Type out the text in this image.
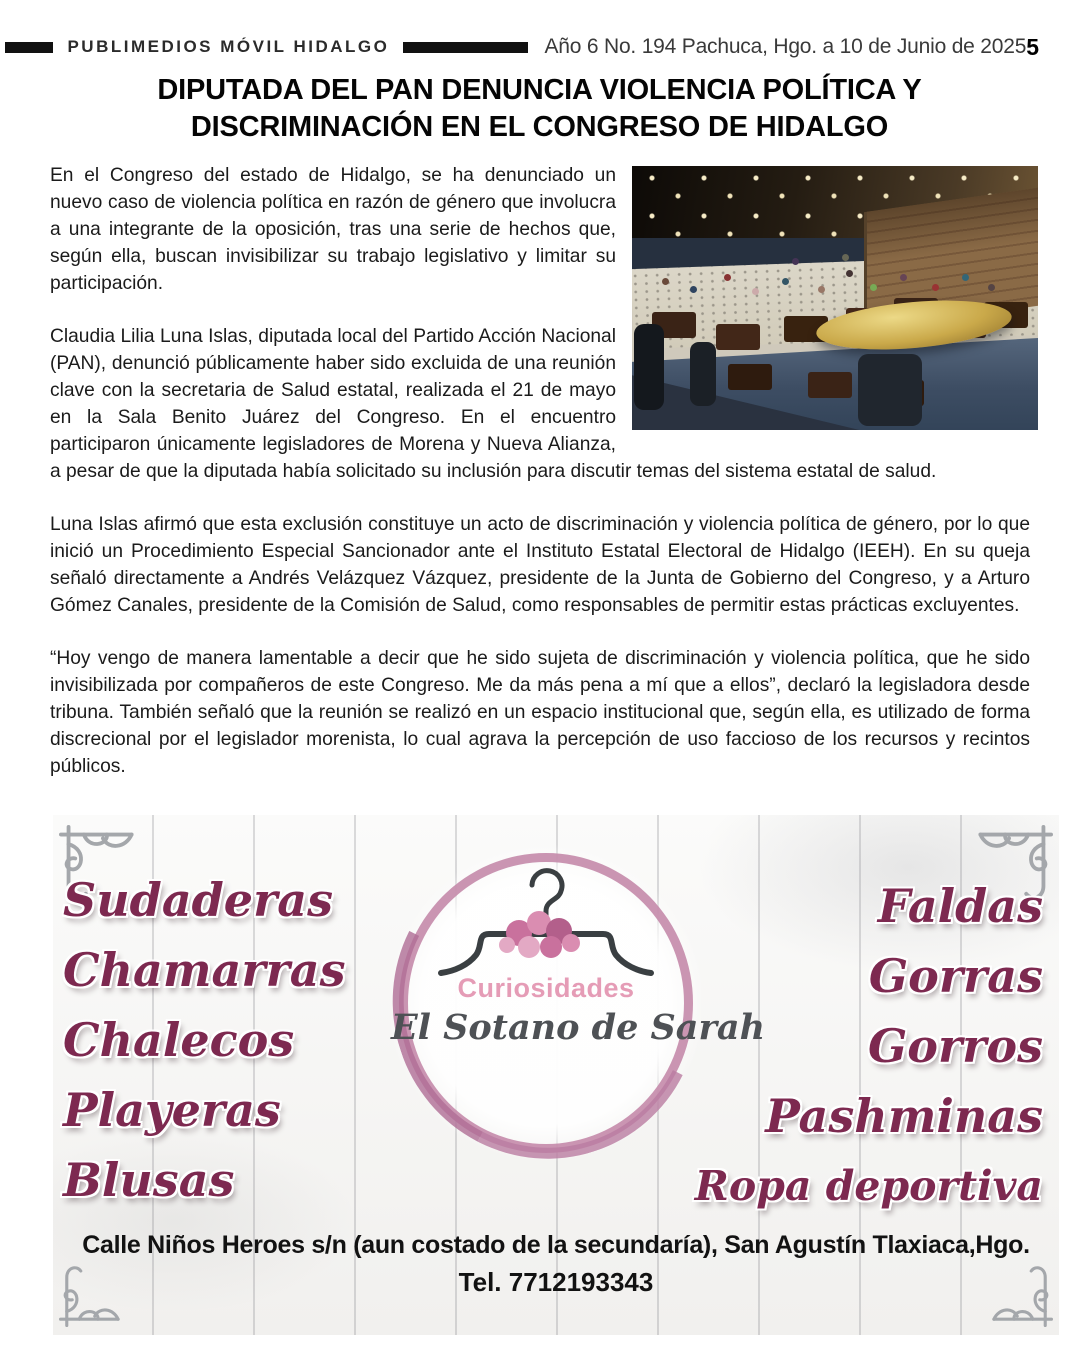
PUBLIMEDIOS MÓVIL HIDALGO	Año 6 No. 194 Pachuca, Hgo. a 10 de Junio de 2025 5
DIPUTADA DEL PAN DENUNCIA VIOLENCIA POLÍTICA Y
DISCRIMINACIÓN EN EL CONGRESO DE HIDALGO

En el Congreso del estado de Hidalgo, se ha denunciado un nuevo caso de violencia política en razón de género que involucra a una integrante de la oposición, tras una serie de hechos que, según ella, buscan invisibilizar su trabajo legislativo y limitar su participación.

Claudia Lilia Luna Islas, diputada local del Partido Acción Nacional (PAN), denunció públicamente haber sido excluida de una reunión clave con la secretaria de Salud estatal, realizada el 21 de mayo en la Sala Benito Juárez del Congreso. En el encuentro participaron únicamente legisladores de Morena y Nueva Alianza, a pesar de que la diputada había solicitado su inclusión para discutir temas del sistema estatal de salud.

Luna Islas afirmó que esta exclusión constituye un acto de discriminación y violencia política de género, por lo que inició un Procedimiento Especial Sancionador ante el Instituto Estatal Electoral de Hidalgo (IEEH). En su queja señaló directamente a Andrés Velázquez Vázquez, presidente de la Junta de Gobierno del Congreso, y a Arturo Gómez Canales, presidente de la Comisión de Salud, como responsables de permitir estas prácticas excluyentes.

“Hoy vengo de manera lamentable a decir que he sido sujeta de discriminación y violencia política, que he sido invisibilizada por compañeros de este Congreso. Me da más pena a mí que a ellos”, declaró la legisladora desde tribuna. También señaló que la reunión se realizó en un espacio institucional que, según ella, es utilizado de forma discrecional por el legislador morenista, lo cual agrava la percepción de uso faccioso de los recursos y recintos públicos.

Sudaderas
Chamarras
Chalecos
Playeras
Blusas
Faldas
Gorras
Gorros
Pashminas
Ropa deportiva
Curiosidades
El Sotano de Sarah
Calle Niños Heroes s/n (aun costado de la secundaría), San Agustín Tlaxiaca,Hgo.
Tel. 7712193343
